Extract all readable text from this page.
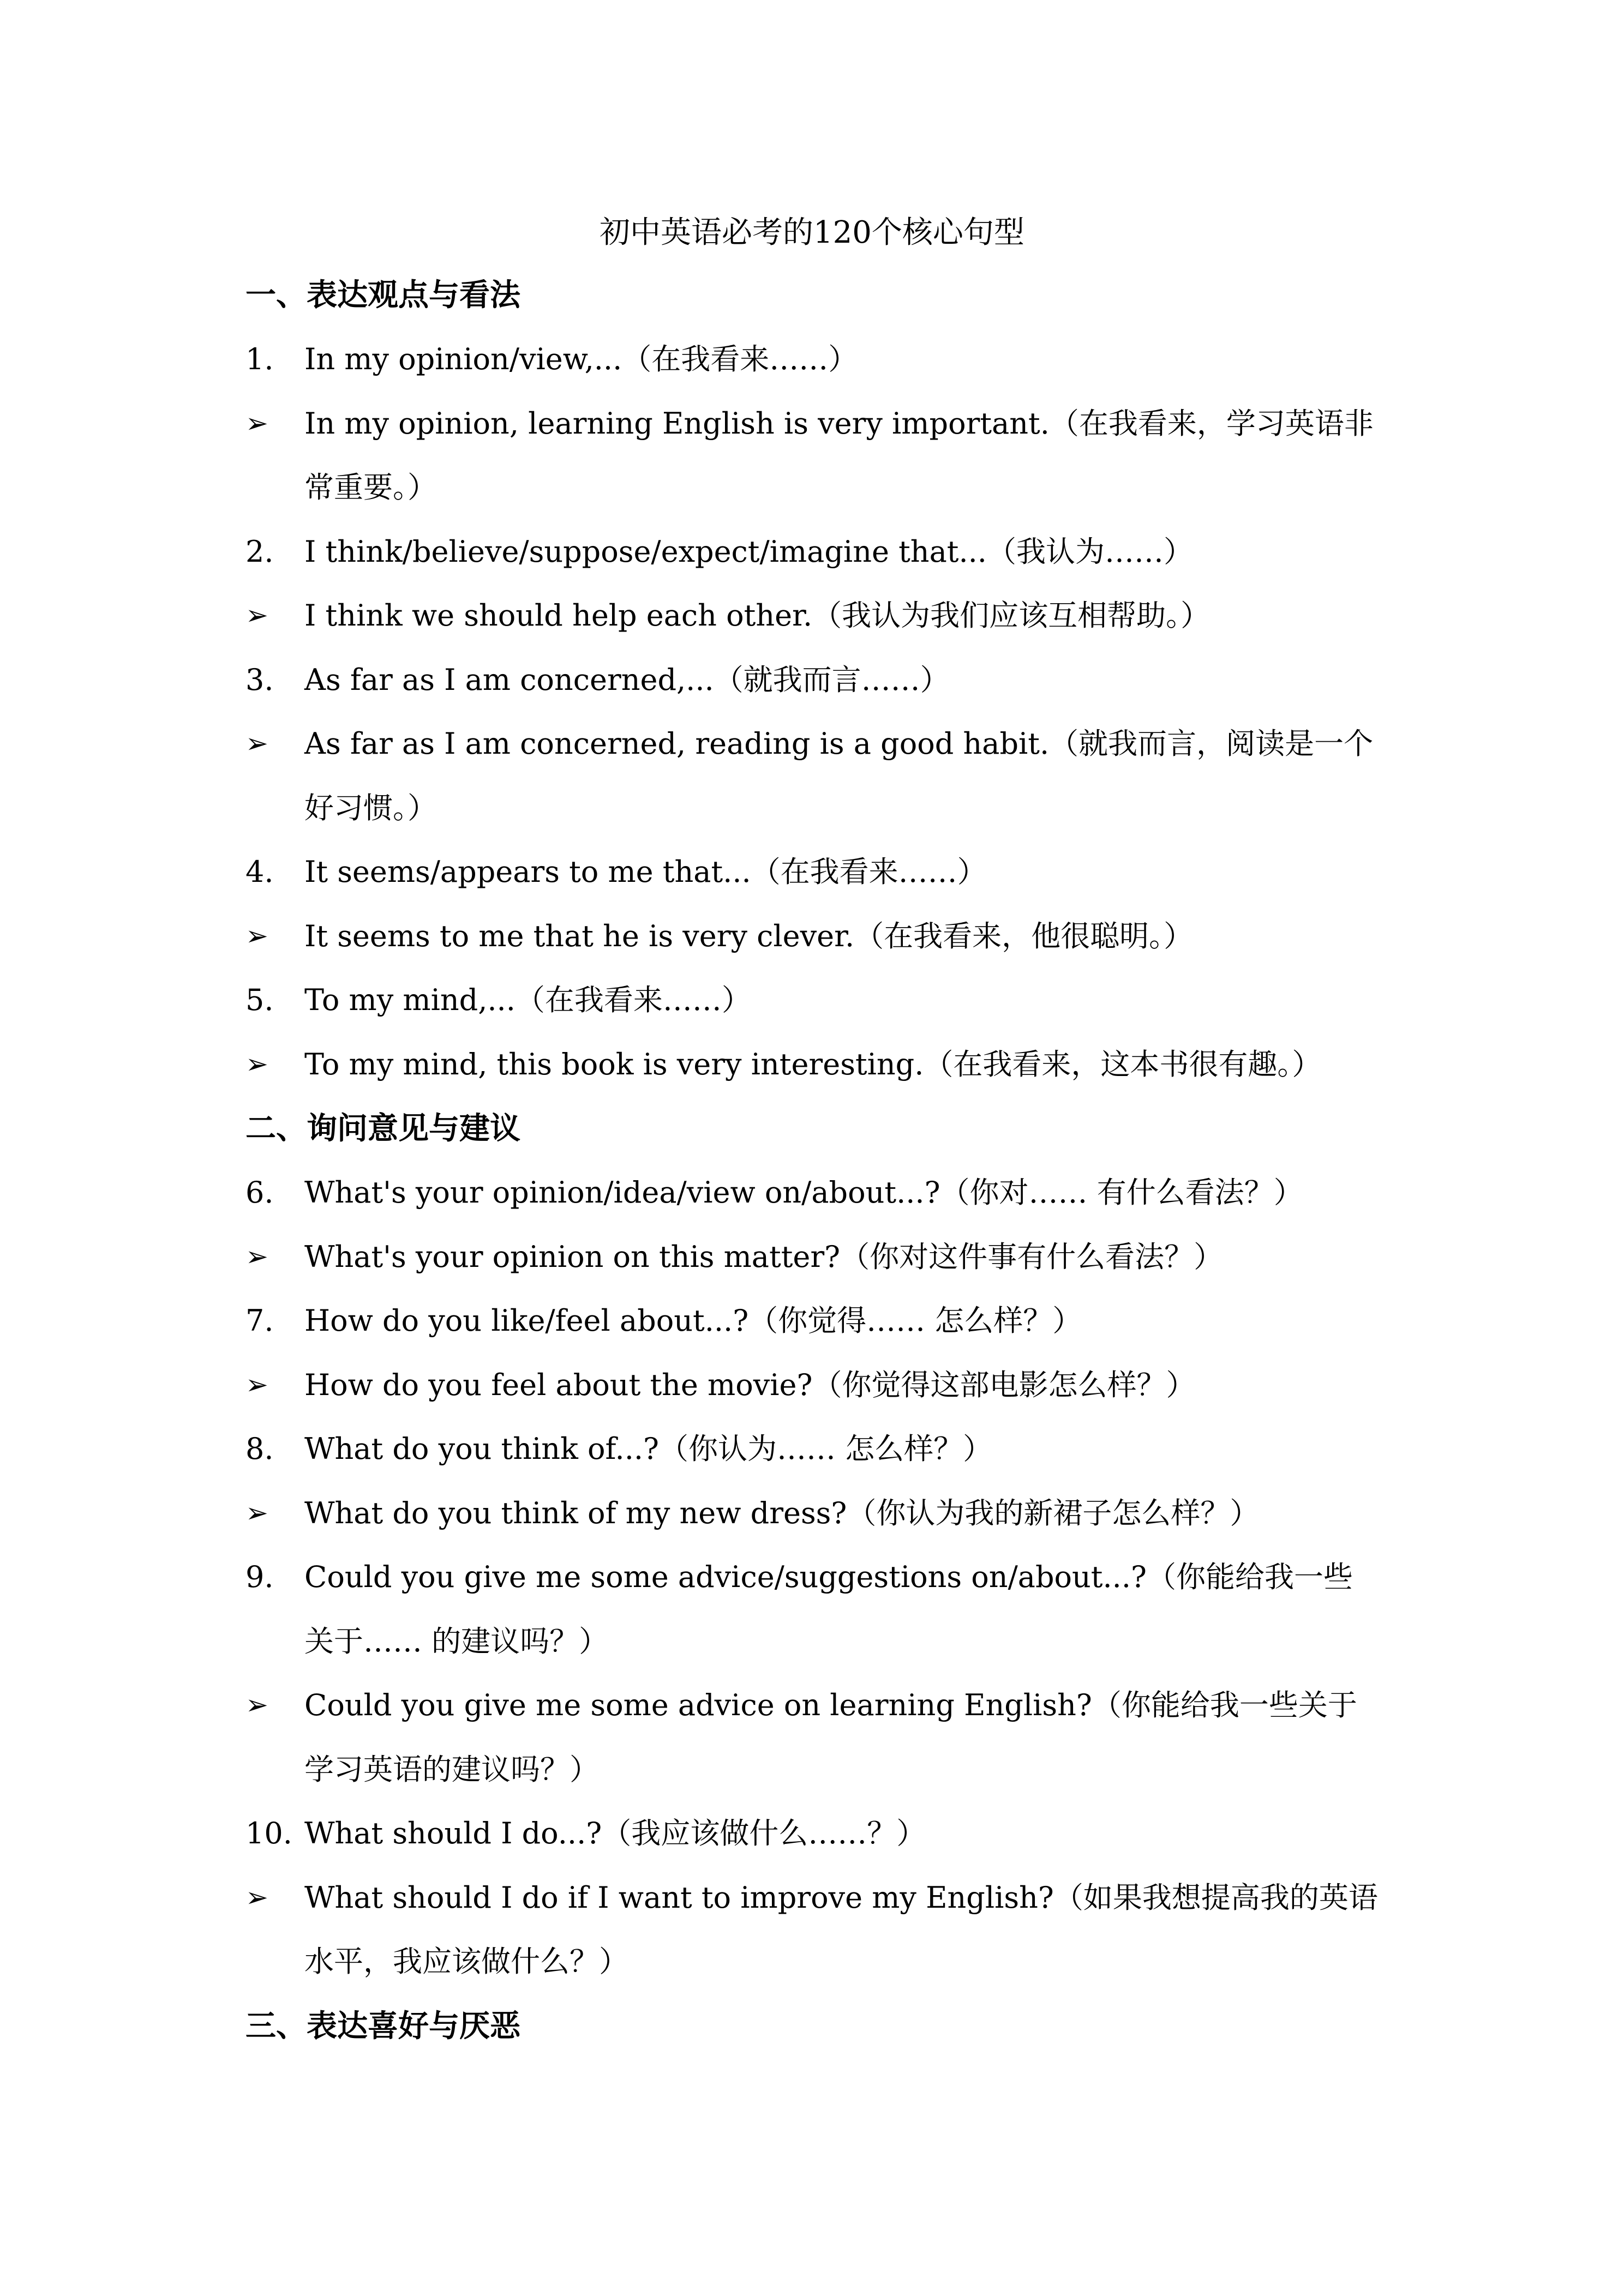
初中英语必考的120个核心句型
一、表达观点与看法
1.	In my opinion/view,...（在我看来……）
➢	In my opinion, learning English is very important.（在我看来，学习英语非常重要。）
2.	I think/believe/suppose/expect/imagine that...（我认为……）
➢	I think we should help each other.（我认为我们应该互相帮助。）
3.	As far as I am concerned,...（就我而言……）
➢	As far as I am concerned, reading is a good habit.（就我而言，阅读是一个好习惯。）
4.	It seems/appears to me that...（在我看来……）
➢	It seems to me that he is very clever.（在我看来，他很聪明。）
5.	To my mind,...（在我看来……）
➢	To my mind, this book is very interesting.（在我看来，这本书很有趣。）
二、询问意见与建议
6.	What's your opinion/idea/view on/about...?（你对…… 有什么看法？）
➢	What's your opinion on this matter?（你对这件事有什么看法？）
7.	How do you like/feel about...?（你觉得…… 怎么样？）
➢	How do you feel about the movie?（你觉得这部电影怎么样？）
8.	What do you think of...?（你认为…… 怎么样？）
➢	What do you think of my new dress?（你认为我的新裙子怎么样？）
9.	Could you give me some advice/suggestions on/about...?（你能给我一些关于…… 的建议吗？）
➢	Could you give me some advice on learning English?（你能给我一些关于学习英语的建议吗？）
10. What should I do...?（我应该做什么……？）
➢	What should I do if I want to improve my English?（如果我想提高我的英语水平，我应该做什么？）
三、表达喜好与厌恶
